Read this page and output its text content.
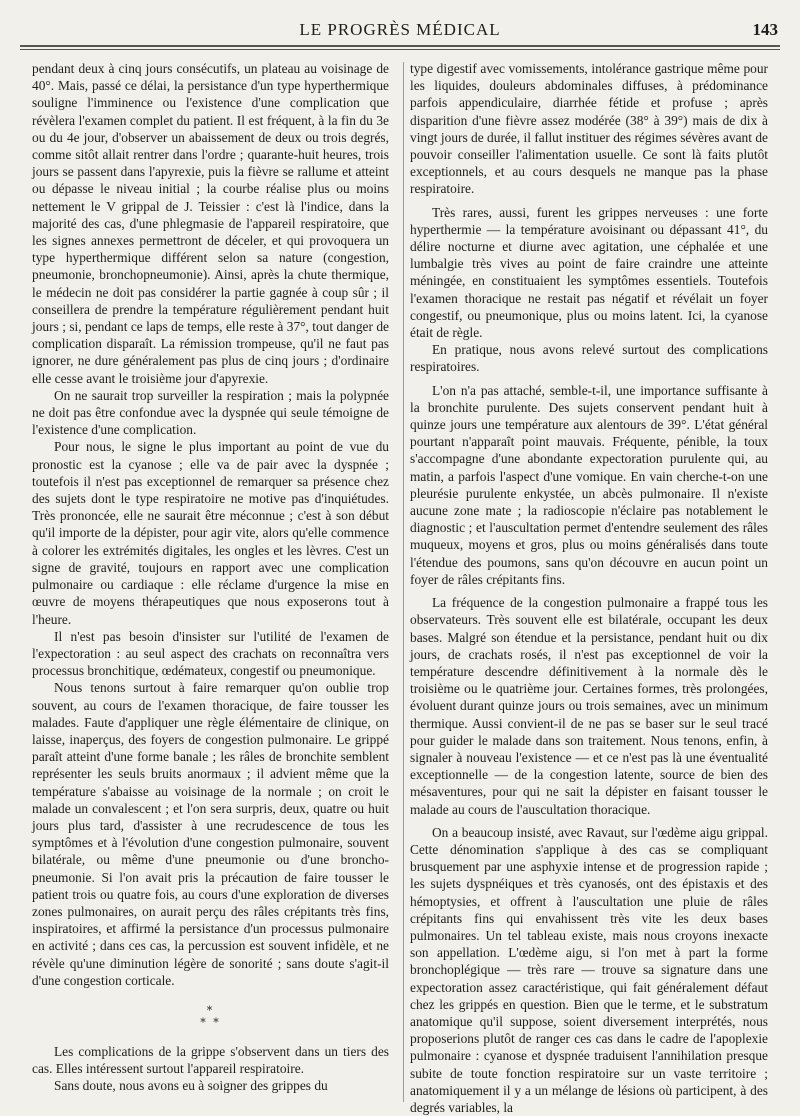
LE PROGRÈS MÉDICAL	143

pendant deux à cinq jours consécutifs, un plateau au voisinage de 40°. Mais, passé ce délai, la persistance d'un type hyperthermique souligne l'imminence ou l'existence d'une complication que révèlera l'examen complet du patient. Il est fréquent, à la fin du 3e ou du 4e jour, d'observer un abaissement de deux ou trois degrés, comme sitôt allait rentrer dans l'ordre ; quarante-huit heures, trois jours se passent dans l'apyrexie, puis la fièvre se rallume et atteint ou dépasse le niveau initial ; la courbe réalise plus ou moins nettement le V grippal de J. Teissier : c'est là l'indice, dans la majorité des cas, d'une phlegmasie de l'appareil respiratoire, que les signes annexes permettront de déceler, et qui provoquera un type hyperthermique différent selon sa nature (congestion, pneumonie, bronchopneumonie). Ainsi, après la chute thermique, le médecin ne doit pas considérer la partie gagnée à coup sûr ; il conseillera de prendre la température régulièrement pendant huit jours ; si, pendant ce laps de temps, elle reste à 37°, tout danger de complication disparaît. La rémission trompeuse, qu'il ne faut pas ignorer, ne dure généralement pas plus de cinq jours ; d'ordinaire elle cesse avant le troisième jour d'apyrexie.

On ne saurait trop surveiller la respiration ; mais la polypnée ne doit pas être confondue avec la dyspnée qui seule témoigne de l'existence d'une complication.

Pour nous, le signe le plus important au point de vue du pronostic est la cyanose ; elle va de pair avec la dyspnée ; toutefois il n'est pas exceptionnel de remarquer sa présence chez des sujets dont le type respiratoire ne motive pas d'inquiétudes. Très prononcée, elle ne saurait être méconnue ; c'est à son début qu'il importe de la dépister, pour agir vite, alors qu'elle commence à colorer les extrémités digitales, les ongles et les lèvres. C'est un signe de gravité, toujours en rapport avec une complication pulmonaire ou cardiaque : elle réclame d'urgence la mise en œuvre de moyens thérapeutiques que nous exposerons tout à l'heure.

Il n'est pas besoin d'insister sur l'utilité de l'examen de l'expectoration : au seul aspect des crachats on reconnaîtra vers processus bronchitique, œdémateux, congestif ou pneumonique.

Nous tenons surtout à faire remarquer qu'on oublie trop souvent, au cours de l'examen thoracique, de faire tousser les malades. Faute d'appliquer une règle élémentaire de clinique, on laisse, inaperçus, des foyers de congestion pulmonaire. Le grippé paraît atteint d'une forme banale ; les râles de bronchite semblent représenter les seuls bruits anormaux ; il advient même que la température s'abaisse au voisinage de la normale ; on croit le malade un convalescent ; et l'on sera surpris, deux, quatre ou huit jours plus tard, d'assister à une recrudescence de tous les symptômes et à l'évolution d'une congestion pulmonaire, souvent bilatérale, ou même d'une pneumonie ou d'une broncho-pneumonie. Si l'on avait pris la précaution de faire tousser le patient trois ou quatre fois, au cours d'une exploration de diverses zones pulmonaires, on aurait perçu des râles crépitants très fins, inspiratoires, et affirmé la persistance d'un processus pulmonaire en activité ; dans ces cas, la percussion est souvent infidèle, et ne révèle qu'une diminution légère de sonorité ; sans doute s'agit-il d'une congestion corticale.

*
* *

Les complications de la grippe s'observent dans un tiers des cas. Elles intéressent surtout l'appareil respiratoire.

Sans doute, nous avons eu à soigner des grippes du

type digestif avec vomissements, intolérance gastrique même pour les liquides, douleurs abdominales diffuses, à prédominance parfois appendiculaire, diarrhée fétide et profuse ; après disparition d'une fièvre assez modérée (38° à 39°) mais de dix à vingt jours de durée, il fallut instituer des régimes sévères avant de pouvoir conseiller l'alimentation usuelle. Ce sont là faits plutôt exceptionnels, et au cours desquels ne manque pas la phase respiratoire.

Très rares, aussi, furent les grippes nerveuses : une forte hyperthermie — la température avoisinant ou dépassant 41°, du délire nocturne et diurne avec agitation, une céphalée et une lumbalgie très vives au point de faire craindre une atteinte méningée, en constituaient les symptômes essentiels. Toutefois l'examen thoracique ne restait pas négatif et révélait un foyer congestif, ou pneumonique, plus ou moins latent. Ici, la cyanose était de règle.

En pratique, nous avons relevé surtout des complications respiratoires.

L'on n'a pas attaché, semble-t-il, une importance suffisante à la bronchite purulente. Des sujets conservent pendant huit à quinze jours une température aux alentours de 39°. L'état général pourtant n'apparaît point mauvais. Fréquente, pénible, la toux s'accompagne d'une abondante expectoration purulente qui, au matin, a parfois l'aspect d'une vomique. En vain cherche-t-on une pleurésie purulente enkystée, un abcès pulmonaire. Il n'existe aucune zone mate ; la radioscopie n'éclaire pas notablement le diagnostic ; et l'auscultation permet d'entendre seulement des râles muqueux, moyens et gros, plus ou moins généralisés dans toute l'étendue des poumons, sans qu'on découvre en aucun point un foyer de râles crépitants fins.

La fréquence de la congestion pulmonaire a frappé tous les observateurs. Très souvent elle est bilatérale, occupant les deux bases. Malgré son étendue et la persistance, pendant huit ou dix jours, de crachats rosés, il n'est pas exceptionnel de voir la température descendre définitivement à la normale dès le troisième ou le quatrième jour. Certaines formes, très prolongées, évoluent durant quinze jours ou trois semaines, avec un minimum thermique. Aussi convient-il de ne pas se baser sur le seul tracé pour guider le malade dans son traitement. Nous tenons, enfin, à signaler à nouveau l'existence — et ce n'est pas là une éventualité exceptionnelle — de la congestion latente, source de bien des mésaventures, pour qui ne sait la dépister en faisant tousser le malade au cours de l'auscultation thoracique.

On a beaucoup insisté, avec Ravaut, sur l'œdème aigu grippal. Cette dénomination s'applique à des cas se compliquant brusquement par une asphyxie intense et de progression rapide ; les sujets dyspnéiques et très cyanosés, ont des épistaxis et des hémoptysies, et offrent à l'auscultation une pluie de râles crépitants fins qui envahissent très vite les deux bases pulmonaires. Un tel tableau existe, mais nous croyons inexacte son appellation. L'œdème aigu, si l'on met à part la forme bronchoplégique — très rare — trouve sa signature dans une expectoration assez caractéristique, qui fait généralement défaut chez les grippés en question. Bien que le terme, et le substratum anatomique qu'il suppose, soient diversement interprétés, nous proposerions plutôt de ranger ces cas dans le cadre de l'apoplexie pulmonaire : cyanose et dyspnée traduisent l'annihilation presque subite de toute fonction respiratoire sur un vaste territoire ; anatomiquement il y a un mélange de lésions où participent, à des degrés variables, la
